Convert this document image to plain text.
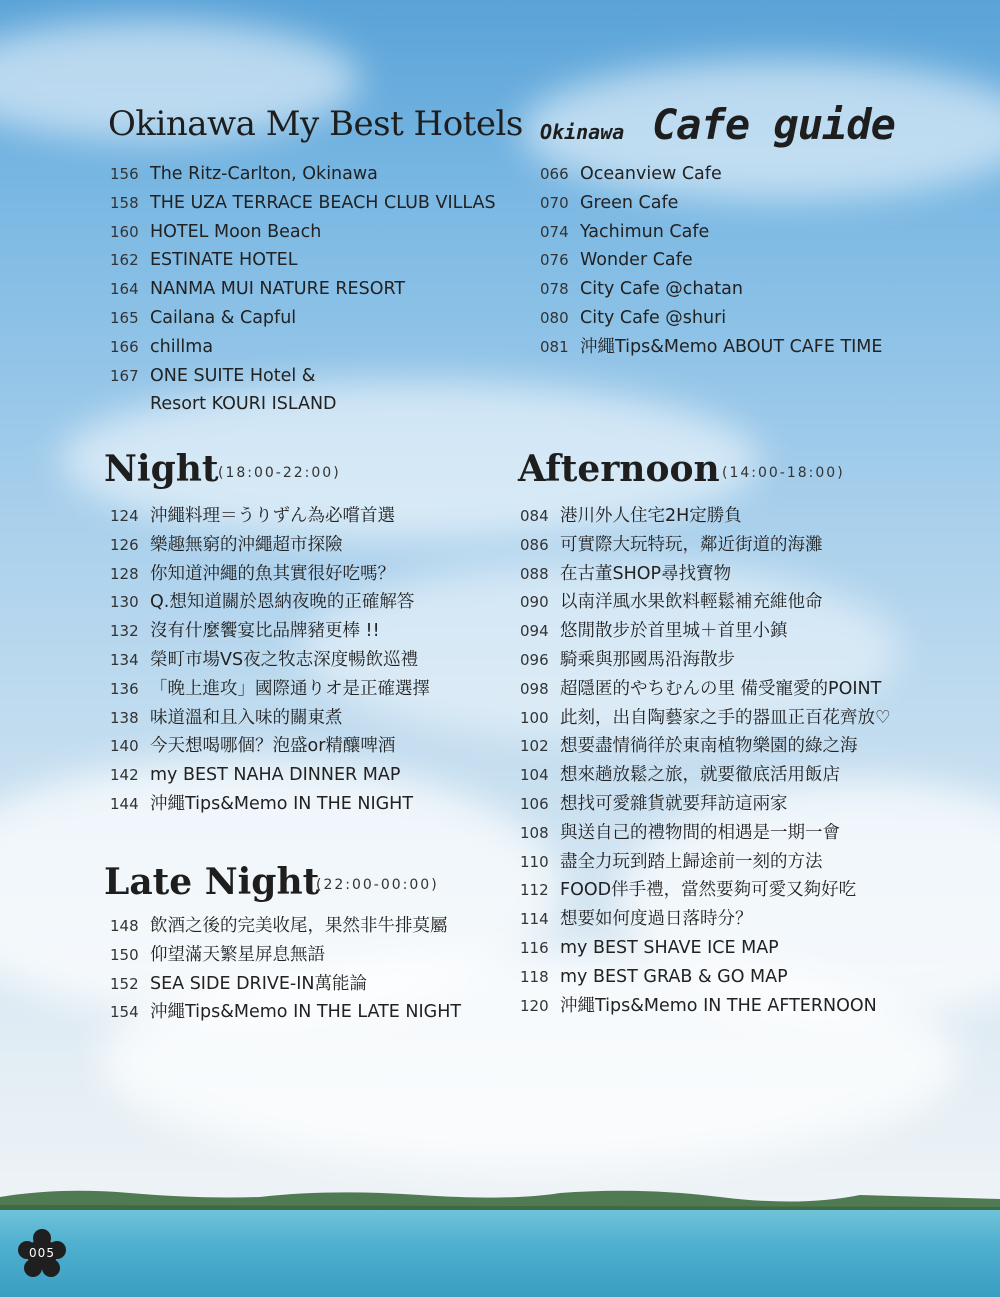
Okinawa My Best Hotels
156 The Ritz-Carlton, Okinawa
158 THE UZA TERRACE BEACH CLUB VILLAS
160 HOTEL Moon Beach
162 ESTINATE HOTEL
164 NANMA MUI NATURE RESORT
165 Cailana & Capful
166 chillma
167 ONE SUITE Hotel &
Resort KOURI ISLAND
Okinawa Cafe guide
066 Oceanview Cafe
070 Green Cafe
074 Yachimun Cafe
076 Wonder Cafe
078 City Cafe @chatan
080 City Cafe @shuri
081 沖繩Tips&Memo ABOUT CAFE TIME
Night (18:00-22:00)
124 沖繩料理＝うりずん為必嚐首選
126 樂趣無窮的沖繩超市探險
128 你知道沖繩的魚其實很好吃嗎？
130 Q.想知道關於恩納夜晚的正確解答
132 沒有什麼饗宴比品牌豬更棒 !!
134 榮町市場VS夜之牧志深度暢飲巡禮
136 「晚上進攻」國際通りオ是正確選擇
138 味道溫和且入味的關東煮
140 今天想喝哪個？泡盛or精釀啤酒
142 my BEST NAHA DINNER MAP
144 沖繩Tips&Memo IN THE NIGHT
Late Night
(22:00-00:00)
148 飲酒之後的完美收尾，果然非牛排莫屬
150 仰望滿天繁星屏息無語
152 SEA SIDE DRIVE-IN萬能論
154 沖繩Tips&Memo IN THE LATE NIGHT
Afternoon (14:00-18:00)
084 港川外人住宅2H定勝負
086 可實際大玩特玩，鄰近街道的海灘
088 在古董SHOP尋找寶物
090 以南洋風水果飲料輕鬆補充維他命
094 悠閒散步於首里城＋首里小鎮
096 騎乘與那國馬沿海散步
098 超隱匿的やちむんの里 備受寵愛的POINT
100 此刻，出自陶藝家之手的器皿正百花齊放♡
102 想要盡情徜徉於東南植物樂園的綠之海
104 想來趟放鬆之旅，就要徹底活用飯店
106 想找可愛雜貨就要拜訪這兩家
108 與送自己的禮物間的相遇是一期一會
110 盡全力玩到踏上歸途前一刻的方法
112 FOOD伴手禮，當然要夠可愛又夠好吃
114 想要如何度過日落時分？
116 my BEST SHAVE ICE MAP
118 my BEST GRAB & GO MAP
120 沖繩Tips&Memo IN THE AFTERNOON
005
